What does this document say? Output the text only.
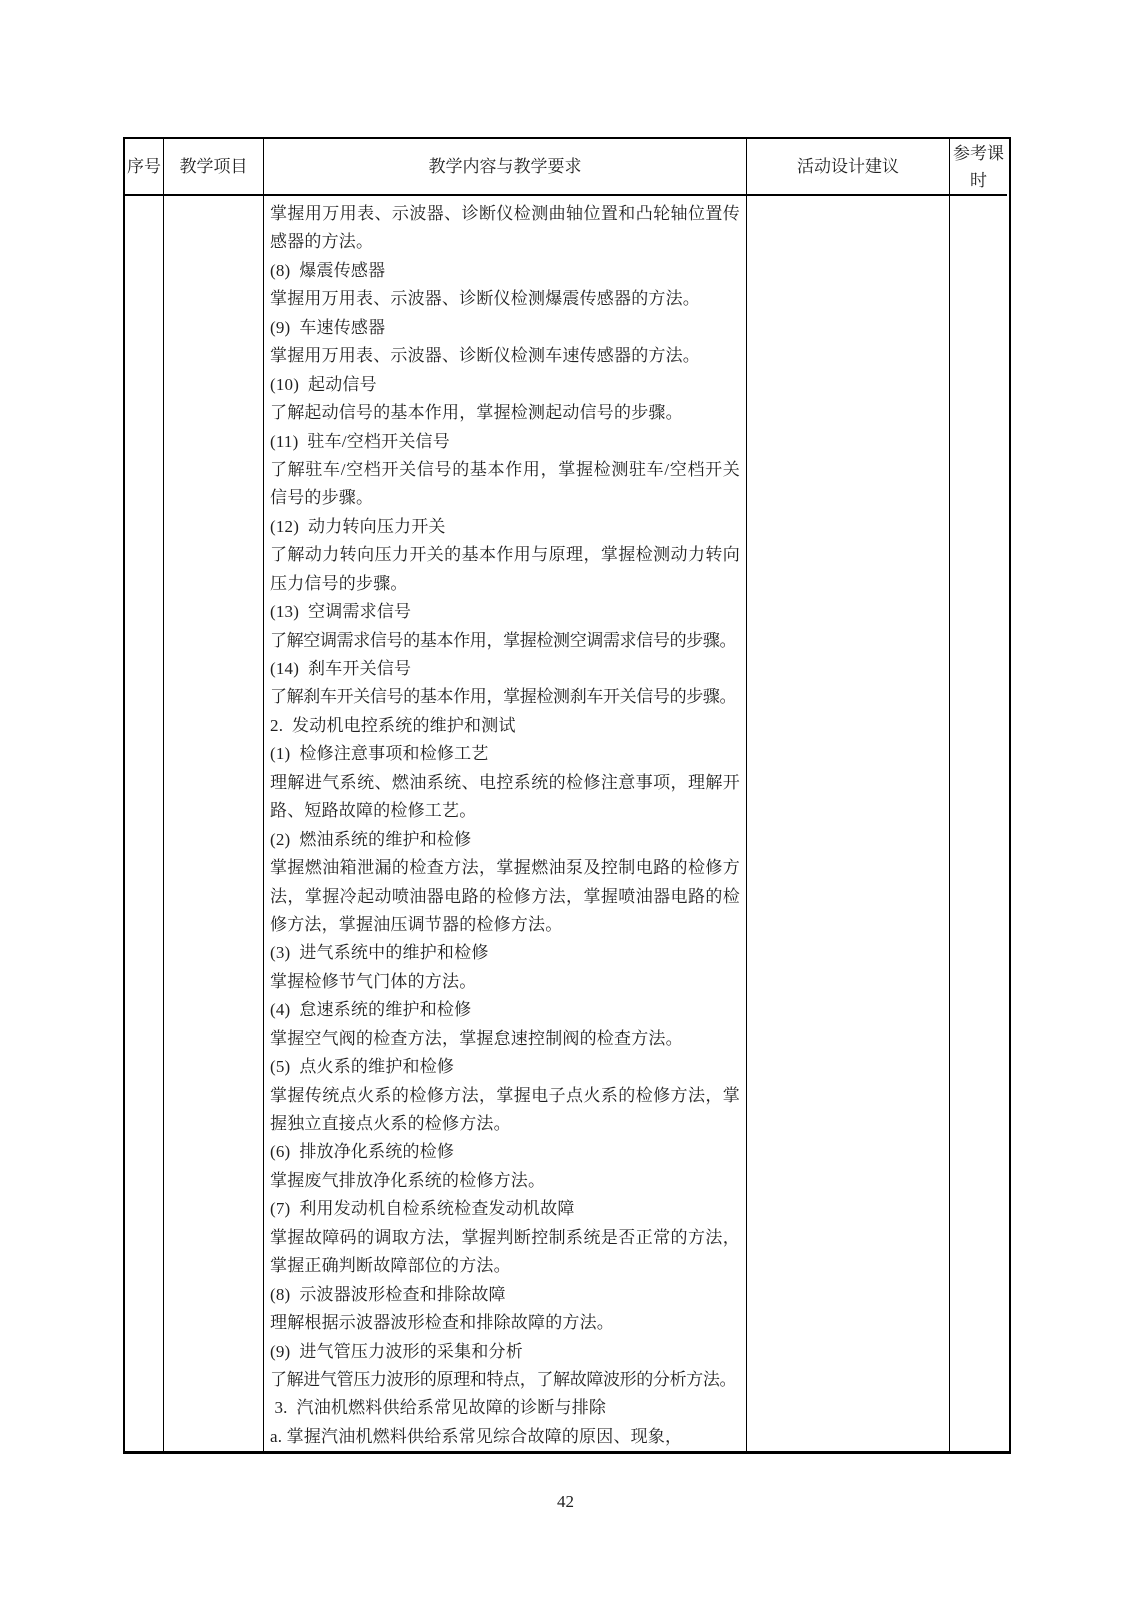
序号 教学项目	教学内容与教学要求	活动设计建议
参考课时
掌握用万用表、示波器、诊断仪检测曲轴位置和凸轮轴位置传
感器的方法。
(8)  爆震传感器
掌握用万用表、示波器、诊断仪检测爆震传感器的方法。
(9)  车速传感器
掌握用万用表、示波器、诊断仪检测车速传感器的方法。
(10)  起动信号
了解起动信号的基本作用，掌握检测起动信号的步骤。
(11)  驻车/空档开关信号
了解驻车/空档开关信号的基本作用，掌握检测驻车/空档开关
信号的步骤。
(12)  动力转向压力开关
了解动力转向压力开关的基本作用与原理，掌握检测动力转向
压力信号的步骤。
(13)  空调需求信号
了解空调需求信号的基本作用，掌握检测空调需求信号的步骤。
(14)  刹车开关信号
了解刹车开关信号的基本作用，掌握检测刹车开关信号的步骤。
2.  发动机电控系统的维护和测试
(1)  检修注意事项和检修工艺
理解进气系统、燃油系统、电控系统的检修注意事项，理解开
路、短路故障的检修工艺。
(2)  燃油系统的维护和检修
掌握燃油箱泄漏的检查方法，掌握燃油泵及控制电路的检修方
法，掌握冷起动喷油器电路的检修方法，掌握喷油器电路的检
修方法，掌握油压调节器的检修方法。
(3)  进气系统中的维护和检修
掌握检修节气门体的方法。
(4)  怠速系统的维护和检修
掌握空气阀的检查方法，掌握怠速控制阀的检查方法。
(5)  点火系的维护和检修
掌握传统点火系的检修方法，掌握电子点火系的检修方法，掌
握独立直接点火系的检修方法。
(6)  排放净化系统的检修
掌握废气排放净化系统的检修方法。
(7)  利用发动机自检系统检查发动机故障
掌握故障码的调取方法，掌握判断控制系统是否正常的方法，
掌握正确判断故障部位的方法。
(8)  示波器波形检查和排除故障
理解根据示波器波形检查和排除故障的方法。
(9)  进气管压力波形的采集和分析
了解进气管压力波形的原理和特点，了解故障波形的分析方法。
3.  汽油机燃料供给系常见故障的诊断与排除
a. 掌握汽油机燃料供给系常见综合故障的原因、现象，
42
